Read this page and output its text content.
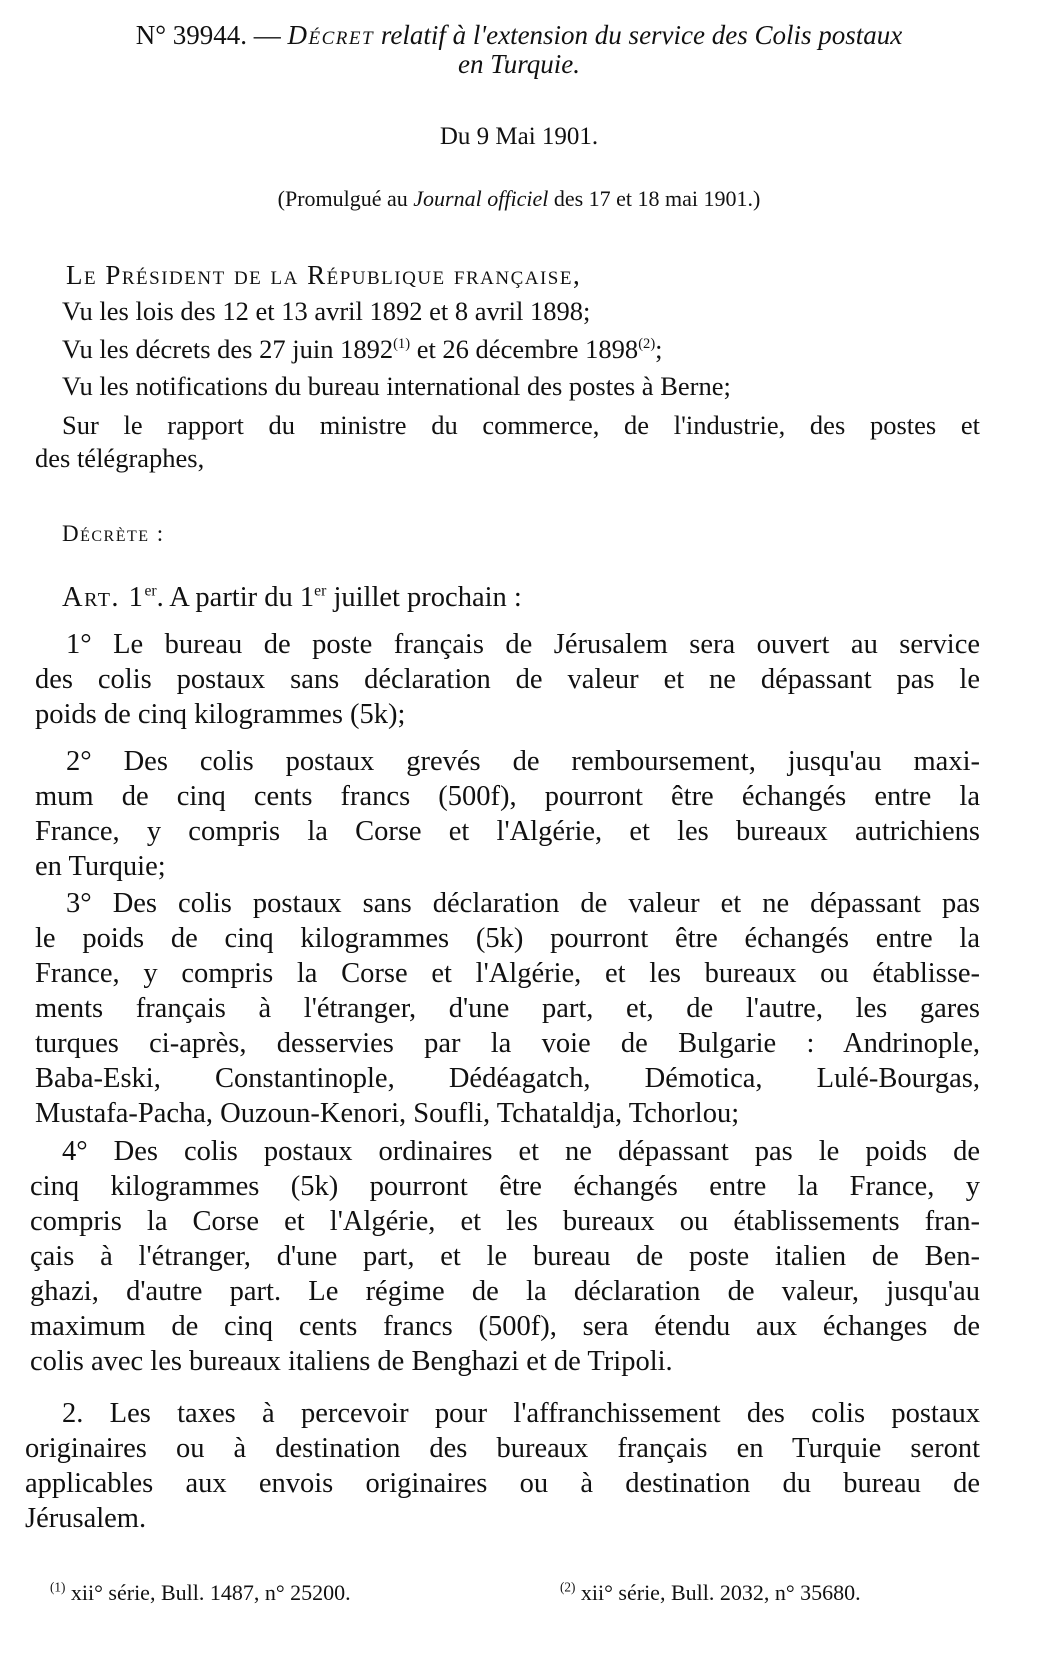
N° 39944. — Décret relatif à l'extension du service des Colis postaux
en Turquie.
Du 9 Mai 1901.
(Promulgué au Journal officiel des 17 et 18 mai 1901.)
Le Président de la République française,
Vu les lois des 12 et 13 avril 1892 et 8 avril 1898;
Vu les décrets des 27 juin 1892$^{(1)}$ et 26 décembre 1898$^{(2)}$;
Vu les notifications du bureau international des postes à Berne;
Sur le rapport du ministre du commerce, de l'industrie, des postes et
des télégraphes,
Décrète :
Art. 1er. A partir du 1er juillet prochain :
1° Le bureau de poste français de Jérusalem sera ouvert au service
des colis postaux sans déclaration de valeur et ne dépassant pas le
poids de cinq kilogrammes (5k);
2° Des colis postaux grevés de remboursement, jusqu'au maxi-
mum de cinq cents francs (500f), pourront être échangés entre la
France, y compris la Corse et l'Algérie, et les bureaux autrichiens
en Turquie;
3° Des colis postaux sans déclaration de valeur et ne dépassant pas
le poids de cinq kilogrammes (5k) pourront être échangés entre la
France, y compris la Corse et l'Algérie, et les bureaux ou établisse-
ments français à l'étranger, d'une part, et, de l'autre, les gares
turques ci-après, desservies par la voie de Bulgarie : Andrinople,
Baba-Eski, Constantinople, Dédéagatch, Démotica, Lulé-Bourgas,
Mustafa-Pacha, Ouzoun-Kenori, Soufli, Tchataldja, Tchorlou;
4° Des colis postaux ordinaires et ne dépassant pas le poids de
cinq kilogrammes (5k) pourront être échangés entre la France, y
compris la Corse et l'Algérie, et les bureaux ou établissements fran-
çais à l'étranger, d'une part, et le bureau de poste italien de Ben-
ghazi, d'autre part. Le régime de la déclaration de valeur, jusqu'au
maximum de cinq cents francs (500f), sera étendu aux échanges de
colis avec les bureaux italiens de Benghazi et de Tripoli.
2. Les taxes à percevoir pour l'affranchissement des colis postaux
originaires ou à destination des bureaux français en Turquie seront
applicables aux envois originaires ou à destination du bureau de
Jérusalem.
$^{(1)}$ xii° série, Bull. 1487, n° 25200.	$^{(2)}$ xii° série, Bull. 2032, n° 35680.
